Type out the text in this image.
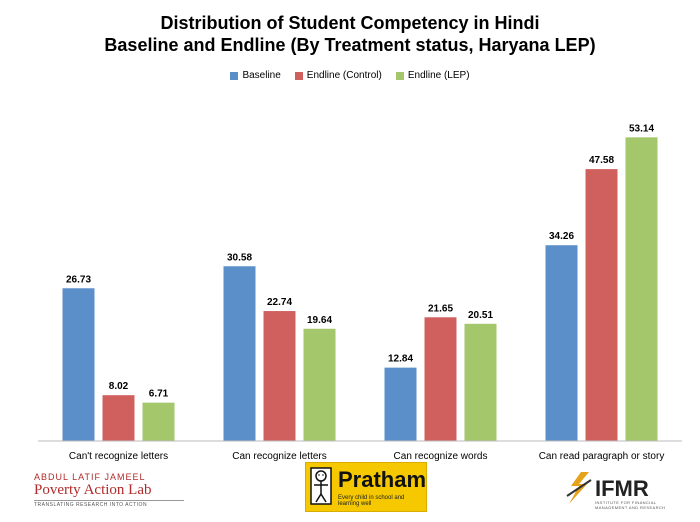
Distribution of Student Competency in Hindi
Baseline and Endline (By Treatment status, Haryana LEP)
Baseline	Endline (Control)	Endline (LEP)
26.73
8.02
6.71
Can't recognize letters
30.58
22.74
19.64
Can recognize letters
12.84
21.65
20.51
Can recognize words
34.26
47.58
53.14
Can read paragraph or story
ABDUL LATIF JAMEEL
Poverty Action Lab
TRANSLATING RESEARCH INTO ACTION
Pratham
Every child in school and learning well
IFMR
INSTITUTE FOR FINANCIAL MANAGEMENT AND RESEARCH
